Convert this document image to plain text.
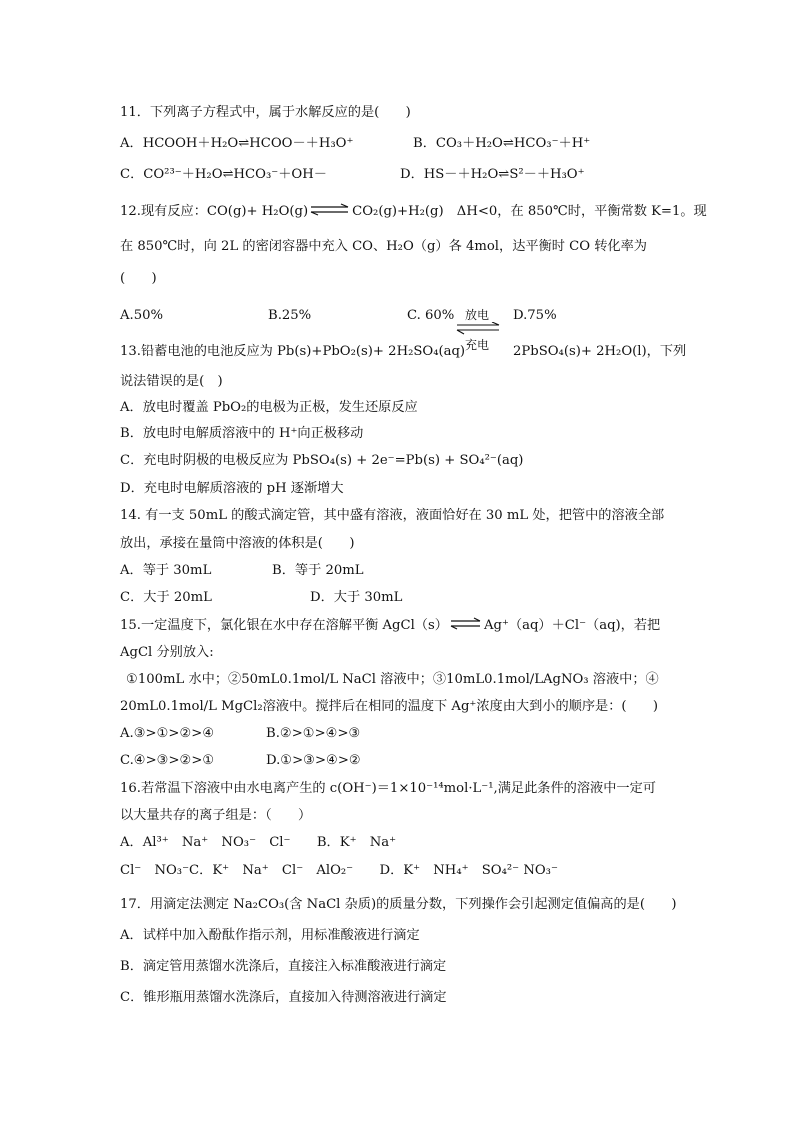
11．下列离子方程式中，属于水解反应的是(　　)
A．HCOOH＋H₂O⇌HCOO－＋H₃O⁺	B．CO₃＋H₂O⇌HCO₃⁻＋H⁺
C．CO²³⁻＋H₂O⇌HCO₃⁻＋OH－	D．HS－＋H₂O⇌S²－＋H₃O⁺
12.现有反应：CO(g)+ H₂O(g) ⇌ CO₂(g)+H₂(g)　ΔH<0，在 850℃时，平衡常数 K=1。现
在 850℃时，向 2L 的密闭容器中充入 CO、H₂O（g）各 4mol，达平衡时 CO 转化率为
(　　)
A.50%	B.25%	C. 60%	D.75%
放电
充电
13.铅蓄电池的电池反应为 Pb(s)+PbO₂(s)+ 2H₂SO₄(aq)	2PbSO₄(s)+ 2H₂O(l)，下列
说法错误的是(　)
A．放电时覆盖 PbO₂的电极为正极，发生还原反应
B．放电时电解质溶液中的 H⁺向正极移动
C．充电时阴极的电极反应为 PbSO₄(s) + 2e⁻=Pb(s) + SO₄²⁻(aq)
D．充电时电解质溶液的 pH 逐渐增大
14. 有一支 50mL 的酸式滴定管，其中盛有溶液，液面恰好在 30 mL 处，把管中的溶液全部
放出，承接在量筒中溶液的体积是(　　)
A．等于 30mL	B．等于 20mL
C．大于 20mL	D．大于 30mL
15.一定温度下，氯化银在水中存在溶解平衡 AgCl（s）	Ag⁺（aq）＋Cl⁻（aq)，若把
AgCl 分别放入:
①100mL 水中；②50mL0.1mol/L NaCl 溶液中；③10mL0.1mol/LAgNO₃ 溶液中；④
20mL0.1mol/L MgCl₂溶液中。搅拌后在相同的温度下 Ag⁺浓度由大到小的顺序是：(　　)
A.③>①>②>④	B.②>①>④>③
C.④>③>②>①	D.①>③>④>②
16.若常温下溶液中由水电离产生的 c(OH⁻)＝1×10⁻¹⁴mol·L⁻¹,满足此条件的溶液中一定可
以大量共存的离子组是：（　　）
A．Al³⁺　Na⁺　NO₃⁻　Cl⁻　　B．K⁺　Na⁺
Cl⁻　NO₃⁻C．K⁺　Na⁺　Cl⁻　AlO₂⁻　　D．K⁺　NH₄⁺　SO₄²⁻ NO₃⁻
17．用滴定法测定 Na₂CO₃(含 NaCl 杂质)的质量分数，下列操作会引起测定值偏高的是(　　)
A．试样中加入酚酞作指示剂，用标准酸液进行滴定
B．滴定管用蒸馏水洗涤后，直接注入标准酸液进行滴定
C．锥形瓶用蒸馏水洗涤后，直接加入待测溶液进行滴定
